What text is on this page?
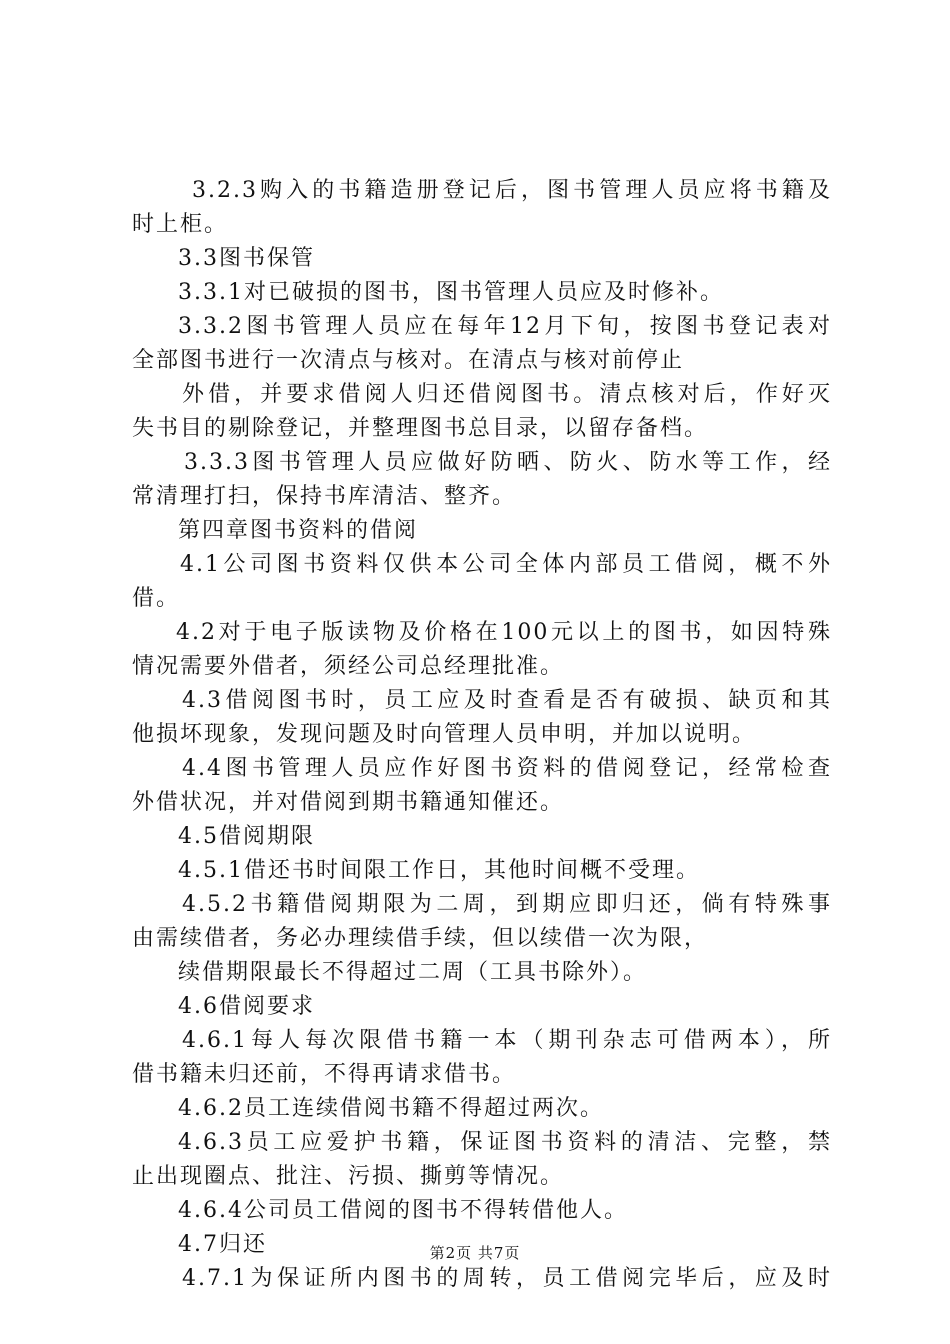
3.2.3购入的书籍造册登记后，图书管理人员应将书籍及
时上柜。
3.3图书保管
3.3.1对已破损的图书，图书管理人员应及时修补。
3.3.2图书管理人员应在每年12月下旬，按图书登记表对
全部图书进行一次清点与核对。在清点与核对前停止
外借，并要求借阅人归还借阅图书。清点核对后，作好灭
失书目的剔除登记，并整理图书总目录，以留存备档。
3.3.3图书管理人员应做好防晒、防火、防水等工作，经
常清理打扫，保持书库清洁、整齐。
第四章图书资料的借阅
4.1公司图书资料仅供本公司全体内部员工借阅，概不外
借。
4.2对于电子版读物及价格在100元以上的图书，如因特殊
情况需要外借者，须经公司总经理批准。
4.3借阅图书时，员工应及时查看是否有破损、缺页和其
他损坏现象，发现问题及时向管理人员申明，并加以说明。
4.4图书管理人员应作好图书资料的借阅登记，经常检查
外借状况，并对借阅到期书籍通知催还。
4.5借阅期限
4.5.1借还书时间限工作日，其他时间概不受理。
4.5.2书籍借阅期限为二周，到期应即归还，倘有特殊事
由需续借者，务必办理续借手续，但以续借一次为限，
续借期限最长不得超过二周（工具书除外）。
4.6借阅要求
4.6.1每人每次限借书籍一本（期刊杂志可借两本），所
借书籍未归还前，不得再请求借书。
4.6.2员工连续借阅书籍不得超过两次。
4.6.3员工应爱护书籍，保证图书资料的清洁、完整，禁
止出现圈点、批注、污损、撕剪等情况。
4.6.4公司员工借阅的图书不得转借他人。
4.7归还
4.7.1为保证所内图书的周转，员工借阅完毕后，应及时
第2页 共7页
